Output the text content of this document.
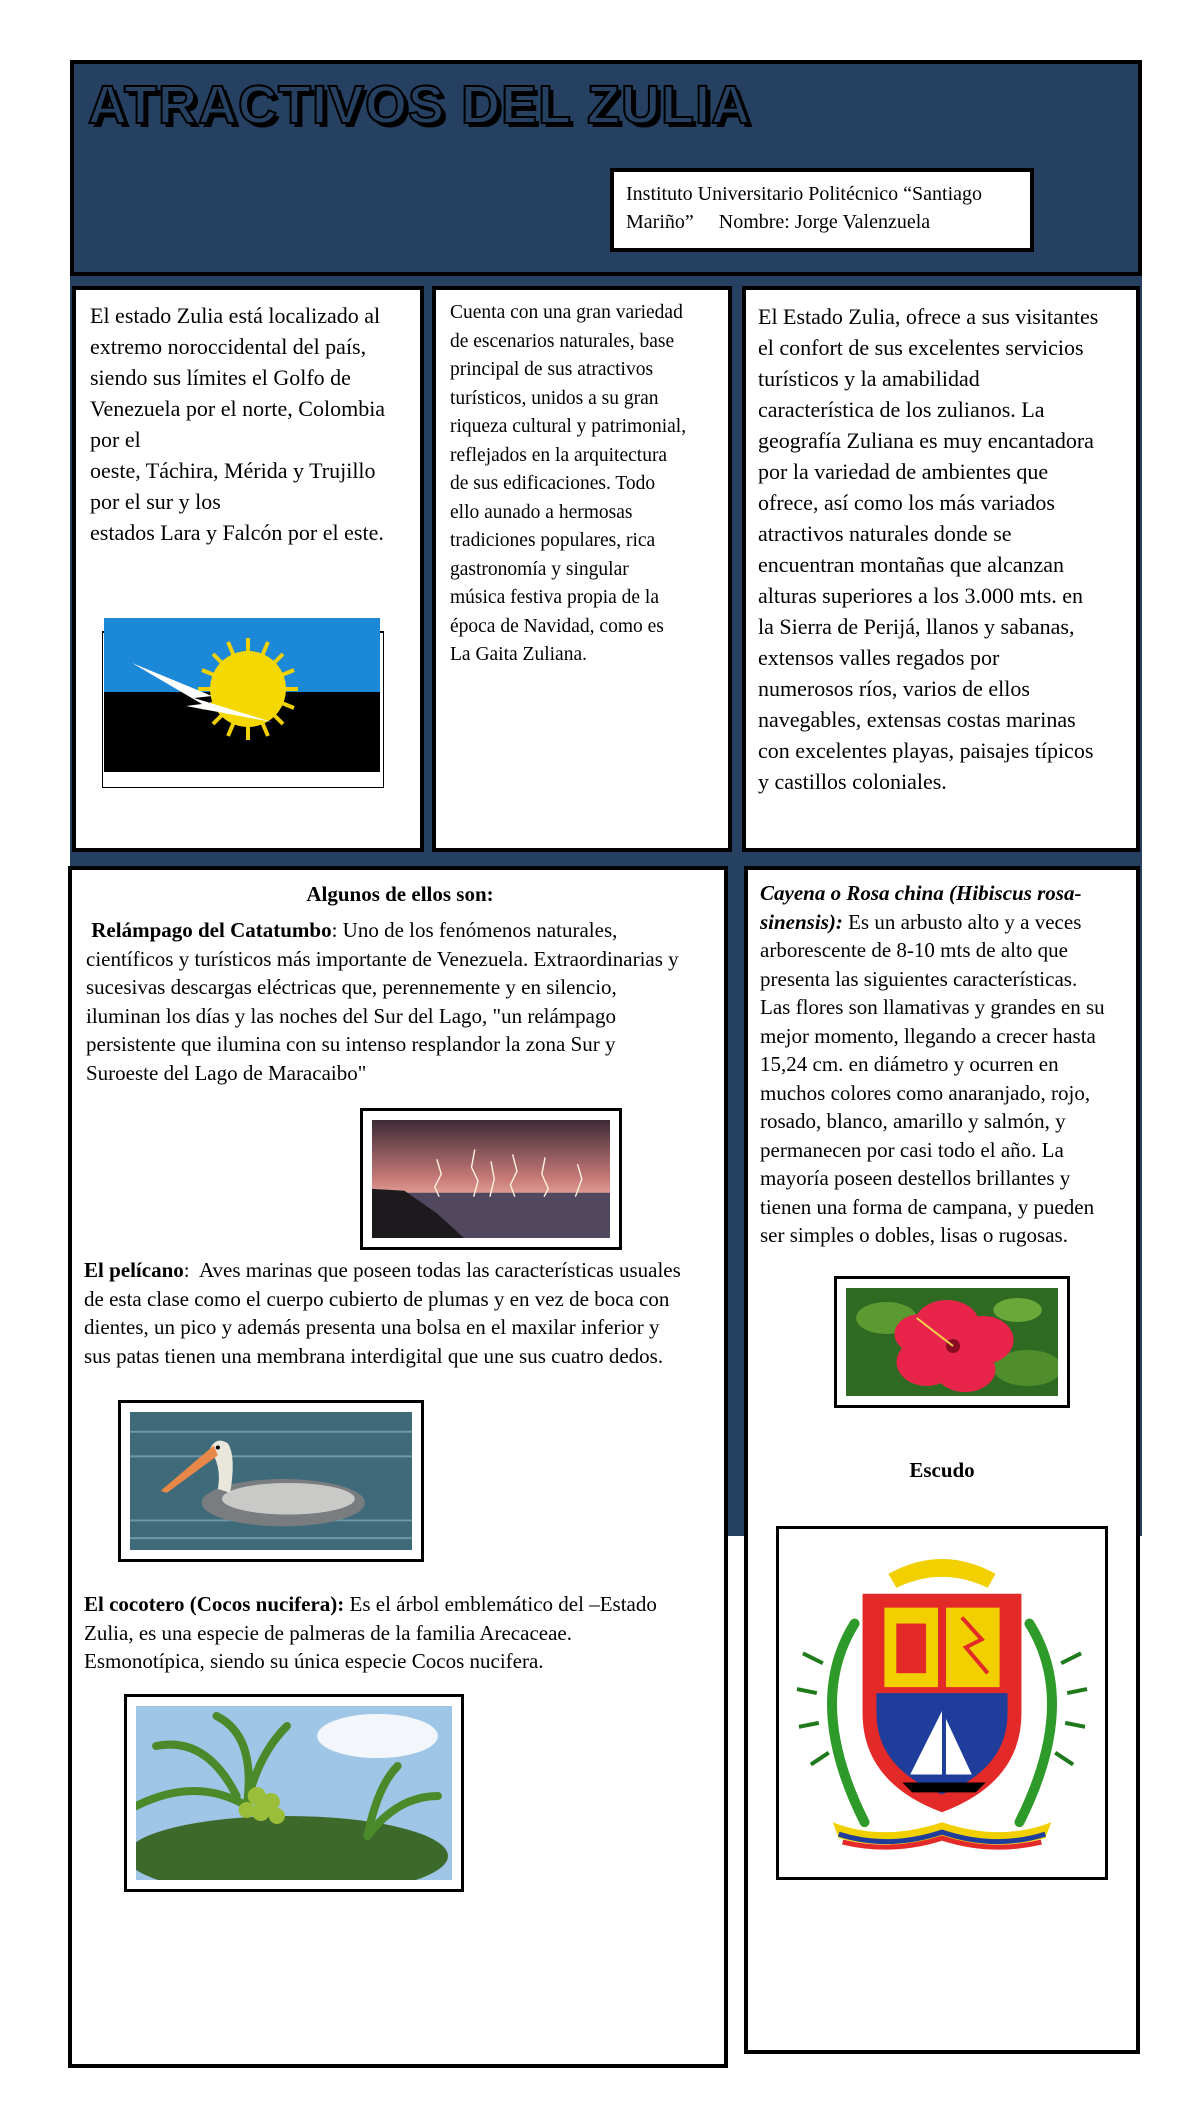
ATRACTIVOS DEL ZULIA
Instituto Universitario Politécnico “Santiago
Mariño”     Nombre: Jorge Valenzuela
El estado Zulia está localizado al
extremo noroccidental del país,
siendo sus límites el Golfo de
Venezuela por el norte, Colombia
por el
oeste, Táchira, Mérida y Trujillo
por el sur y los
estados Lara y Falcón por el este.
Cuenta con una gran variedad
de escenarios naturales, base
principal de sus atractivos
turísticos, unidos a su gran
riqueza cultural y patrimonial,
reflejados en la arquitectura
de sus edificaciones. Todo
ello aunado a hermosas
tradiciones populares, rica
gastronomía y singular
música festiva propia de la
época de Navidad, como es
La Gaita Zuliana.
El Estado Zulia, ofrece a sus visitantes
el confort de sus excelentes servicios
turísticos y la amabilidad
característica de los zulianos. La
geografía Zuliana es muy encantadora
por la variedad de ambientes que
ofrece, así como los más variados
atractivos naturales donde se
encuentran montañas que alcanzan
alturas superiores a los 3.000 mts. en
la Sierra de Perijá, llanos y sabanas,
extensos valles regados por
numerosos ríos, varios de ellos
navegables, extensas costas marinas
con excelentes playas, paisajes típicos
y castillos coloniales.
Algunos de ellos son:
Relámpago del Catatumbo: Uno de los fenómenos naturales,
científicos y turísticos más importante de Venezuela. Extraordinarias y
sucesivas descargas eléctricas que, perennemente y en silencio,
iluminan los días y las noches del Sur del Lago, "un relámpago
persistente que ilumina con su intenso resplandor la zona Sur y
Suroeste del Lago de Maracaibo"
El pelícano:  Aves marinas que poseen todas las características usuales
de esta clase como el cuerpo cubierto de plumas y en vez de boca con
dientes, un pico y además presenta una bolsa en el maxilar inferior y
sus patas tienen una membrana interdigital que une sus cuatro dedos.
El cocotero (Cocos nucifera): Es el árbol emblemático del –Estado
Zulia, es una especie de palmeras de la familia Arecaceae.
Esmonotípica, siendo su única especie Cocos nucifera.
Cayena o Rosa china (Hibiscus rosa-
sinensis): Es un arbusto alto y a veces
arborescente de 8-10 mts de alto que
presenta las siguientes características.
Las flores son llamativas y grandes en su
mejor momento, llegando a crecer hasta
15,24 cm. en diámetro y ocurren en
muchos colores como anaranjado, rojo,
rosado, blanco, amarillo y salmón, y
permanecen por casi todo el año. La
mayoría poseen destellos brillantes y
tienen una forma de campana, y pueden
ser simples o dobles, lisas o rugosas.
Escudo
